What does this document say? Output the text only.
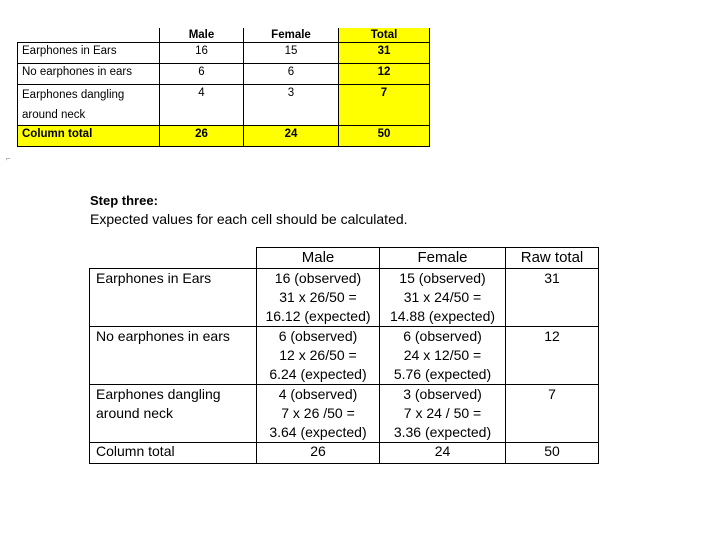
	Male	Female	Total
Earphones in Ears	16	15	31
No earphones in ears	6	6	12

Earphones dangling
around neck	4	3	7
Column total	26	24	50
⌐
Step three:
Expected values for each cell should be calculated.
	Male	Female	Raw total
Earphones in Ears	16 (observed)
31 x 26/50 =
16.12 (expected)	15 (observed)
31 x 24/50 =
14.88 (expected)	31
No earphones in ears	6 (observed)
12 x 26/50 =
6.24 (expected)	6 (observed)
24 x 12/50 =
5.76 (expected)	12

Earphones dangling
around neck	4 (observed)
7 x 26 /50 =
3.64 (expected)	3 (observed)
7 x 24 / 50 =
3.36 (expected)	7
Column total	26	24	50
